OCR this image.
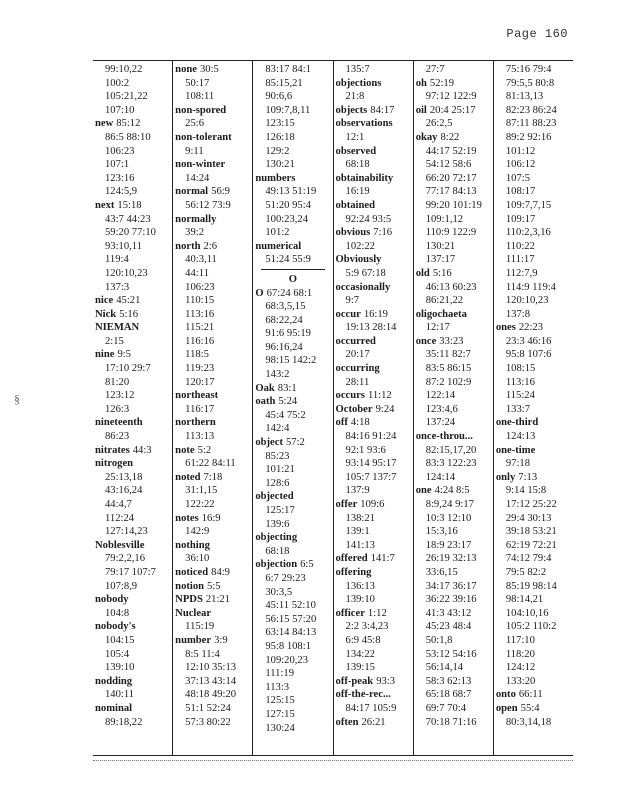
Page 160
§
99:10,22
100:2
105:21,22
107:10
new 85:12
86:5 88:10
106:23
107:1
123:16
124:5,9
next 15:18
43:7 44:23
59:20 77:10
93:10,11
119:4
120:10,23
137:3
nice 45:21
Nick 5:16
NIEMAN
2:15
nine 9:5
17:10 29:7
81:20
123:12
126:3
nineteenth
86:23
nitrates 44:3
nitrogen
25:13,18
43:16,24
44:4,7
112:24
127:14,23
Noblesville
79:2,2,16
79:17 107:7
107:8,9
nobody
104:8
nobody's
104:15
105:4
139:10
nodding
140:11
nominal
89:18,22
none 30:5
50:17
108:11
non-spored
25:6
non-tolerant
9:11
non-winter
14:24
normal 56:9
56:12 73:9
normally
39:2
north 2:6
40:3,11
44:11
106:23
110:15
113:16
115:21
116:16
118:5
119:23
120:17
northeast
116:17
northern
113:13
note 5:2
61:22 84:11
noted 7:18
31:1,15
122:22
notes 16:9
142:9
nothing
36:10
noticed 84:9
notion 5:5
NPDS 21:21
Nuclear
115:19
number 3:9
8:5 11:4
12:10 35:13
37:13 43:14
48:18 49:20
51:1 52:24
57:3 80:22
83:17 84:1
85:15,21
90:6,6
109:7,8,11
123:15
126:18
129:2
130:21
numbers
49:13 51:19
51:20 95:4
100:23,24
101:2
numerical
51:24 55:9
O
O 67:24 68:1
68:3,5,15
68:22,24
91:6 95:19
96:16,24
98:15 142:2
143:2
Oak 83:1
oath 5:24
45:4 75:2
142:4
object 57:2
85:23
101:21
128:6
objected
125:17
139:6
objecting
68:18
objection 6:5
6:7 29:23
30:3,5
45:11 52:10
56:15 57:20
63:14 84:13
95:8 108:1
109:20,23
111:19
113:3
125:15
127:15
130:24
135:7
objections
21:8
objects 84:17
observations
12:1
observed
68:18
obtainability
16:19
obtained
92:24 93:5
obvious 7:16
102:22
Obviously
5:9 67:18
occasionally
9:7
occur 16:19
19:13 28:14
occurred
20:17
occurring
28:11
occurs 11:12
October 9:24
off 4:18
84:16 91:24
92:1 93:6
93:14 95:17
105:7 137:7
137:9
offer 109:6
138:21
139:1
141:13
offered 141:7
offering
136:13
139:10
officer 1:12
2:2 3:4,23
6:9 45:8
134:22
139:15
off-peak 93:3
off-the-rec...
84:17 105:9
often 26:21
27:7
oh 52:19
97:12 122:9
oil 20:4 25:17
26:2,5
okay 8:22
44:17 52:19
54:12 58:6
66:20 72:17
77:17 84:13
99:20 101:19
109:1,12
110:9 122:9
130:21
137:17
old 5:16
46:13 60:23
86:21,22
oligochaeta
12:17
once 33:23
35:11 82:7
83:5 86:15
87:2 102:9
122:14
123:4,6
137:24
once-throu...
82:15,17,20
83:3 122:23
124:14
one 4:24 8:5
8:9,24 9:17
10:3 12:10
15:3,16
18:9 23:17
26:19 32:13
33:6,15
34:17 36:17
36:22 39:16
41:3 43:12
45:23 48:4
50:1,8
53:12 54:16
56:14,14
58:3 62:13
65:18 68:7
69:7 70:4
70:18 71:16
75:16 79:4
79:5,5 80:8
81:13,13
82:23 86:24
87:11 88:23
89:2 92:16
101:12
106:12
107:5
108:17
109:7,7,15
109:17
110:2,3,16
110:22
111:17
112:7,9
114:9 119:4
120:10,23
137:8
ones 22:23
23:3 46:16
95:8 107:6
108:15
113:16
115:24
133:7
one-third
124:13
one-time
97:18
only 7:13
9:14 15:8
17:12 25:22
29:4 30:13
39:18 53:21
62:19 72:21
74:12 79:4
79:5 82:2
85:19 98:14
98:14,21
104:10,16
105:2 110:2
117:10
118:20
124:12
133:20
onto 66:11
open 55:4
80:3,14,18
